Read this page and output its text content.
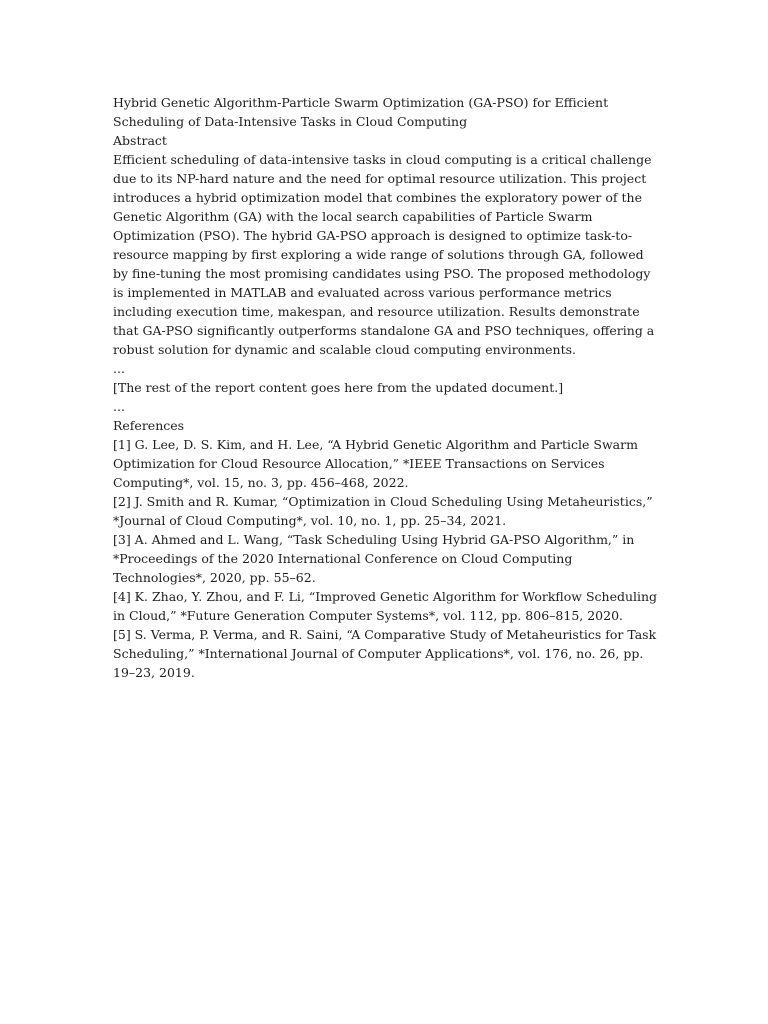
Hybrid Genetic Algorithm-Particle Swarm Optimization (GA-PSO) for Efficient Scheduling of Data-Intensive Tasks in Cloud Computing

Abstract

Efficient scheduling of data-intensive tasks in cloud computing is a critical challenge due to its NP-hard nature and the need for optimal resource utilization. This project introduces a hybrid optimization model that combines the exploratory power of the Genetic Algorithm (GA) with the local search capabilities of Particle Swarm Optimization (PSO). The hybrid GA-PSO approach is designed to optimize task-to-resource mapping by first exploring a wide range of solutions through GA, followed by fine-tuning the most promising candidates using PSO. The proposed methodology is implemented in MATLAB and evaluated across various performance metrics including execution time, makespan, and resource utilization. Results demonstrate that GA-PSO significantly outperforms standalone GA and PSO techniques, offering a robust solution for dynamic and scalable cloud computing environments.

...

[The rest of the report content goes here from the updated document.]

...

References

[1] G. Lee, D. S. Kim, and H. Lee, “A Hybrid Genetic Algorithm and Particle Swarm Optimization for Cloud Resource Allocation,” *IEEE Transactions on Services Computing*, vol. 15, no. 3, pp. 456–468, 2022.

[2] J. Smith and R. Kumar, “Optimization in Cloud Scheduling Using Metaheuristics,” *Journal of Cloud Computing*, vol. 10, no. 1, pp. 25–34, 2021.

[3] A. Ahmed and L. Wang, “Task Scheduling Using Hybrid GA-PSO Algorithm,” in *Proceedings of the 2020 International Conference on Cloud Computing Technologies*, 2020, pp. 55–62.

[4] K. Zhao, Y. Zhou, and F. Li, “Improved Genetic Algorithm for Workflow Scheduling in Cloud,” *Future Generation Computer Systems*, vol. 112, pp. 806–815, 2020.

[5] S. Verma, P. Verma, and R. Saini, “A Comparative Study of Metaheuristics for Task Scheduling,” *International Journal of Computer Applications*, vol. 176, no. 26, pp. 19–23, 2019.
